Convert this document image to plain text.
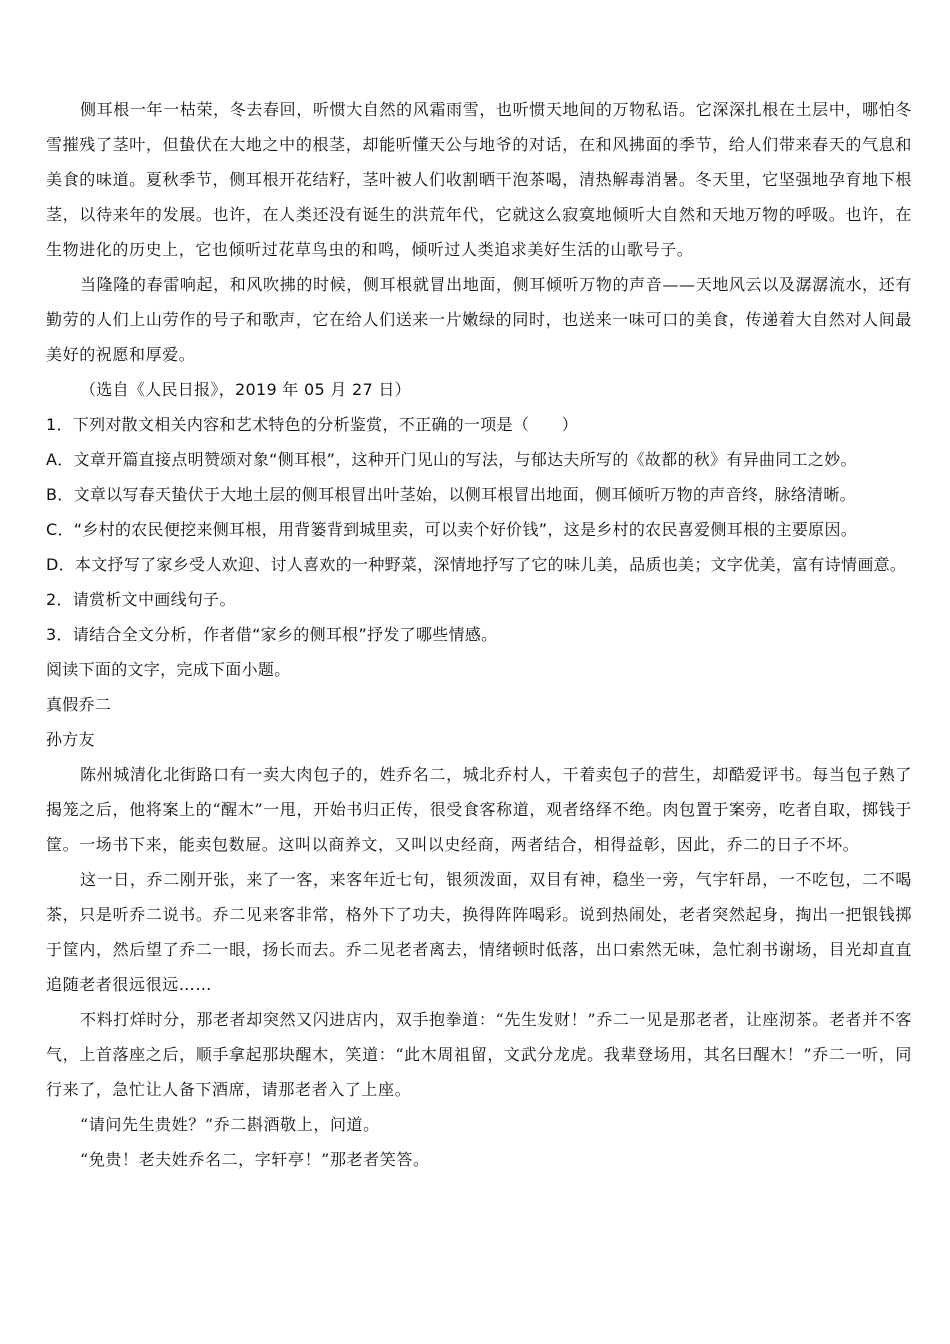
侧耳根一年一枯荣，冬去春回，听惯大自然的风霜雨雪，也听惯天地间的万物私语。它深深扎根在土层中，哪怕冬雪摧残了茎叶，但蛰伏在大地之中的根茎，却能听懂天公与地爷的对话，在和风拂面的季节，给人们带来春天的气息和美食的味道。夏秋季节，侧耳根开花结籽，茎叶被人们收割晒干泡茶喝，清热解毒消暑。冬天里，它坚强地孕育地下根茎，以待来年的发展。也许，在人类还没有诞生的洪荒年代，它就这么寂寞地倾听大自然和天地万物的呼吸。也许，在生物进化的历史上，它也倾听过花草鸟虫的和鸣，倾听过人类追求美好生活的山歌号子。

当隆隆的春雷响起，和风吹拂的时候，侧耳根就冒出地面，侧耳倾听万物的声音——天地风云以及潺潺流水，还有勤劳的人们上山劳作的号子和歌声，它在给人们送来一片嫩绿的同时，也送来一味可口的美食，传递着大自然对人间最美好的祝愿和厚爱。

（选自《人民日报》，2019 年 05 月 27 日）

1．下列对散文相关内容和艺术特色的分析鉴赏，不正确的一项是（　　）

A．文章开篇直接点明赞颂对象“侧耳根”，这种开门见山的写法，与郁达夫所写的《故都的秋》有异曲同工之妙。

B．文章以写春天蛰伏于大地土层的侧耳根冒出叶茎始，以侧耳根冒出地面，侧耳倾听万物的声音终，脉络清晰。

C．“乡村的农民便挖来侧耳根，用背篓背到城里卖，可以卖个好价钱”，这是乡村的农民喜爱侧耳根的主要原因。

D．本文抒写了家乡受人欢迎、讨人喜欢的一种野菜，深情地抒写了它的味儿美，品质也美；文字优美，富有诗情画意。

2．请赏析文中画线句子。

3．请结合全文分析，作者借“家乡的侧耳根”抒发了哪些情感。

阅读下面的文字，完成下面小题。

真假乔二

孙方友

陈州城清化北街路口有一卖大肉包子的，姓乔名二，城北乔村人，干着卖包子的营生，却酷爱评书。每当包子熟了揭笼之后，他将案上的“醒木”一甩，开始书归正传，很受食客称道，观者络绎不绝。肉包置于案旁，吃者自取，掷钱于筐。一场书下来，能卖包数屉。这叫以商养文，又叫以史经商，两者结合，相得益彰，因此，乔二的日子不坏。

这一日，乔二刚开张，来了一客，来客年近七旬，银须泼面，双目有神，稳坐一旁，气宇轩昂，一不吃包，二不喝茶，只是听乔二说书。乔二见来客非常，格外下了功夫，换得阵阵喝彩。说到热闹处，老者突然起身，掏出一把银钱掷于筐内，然后望了乔二一眼，扬长而去。乔二见老者离去，情绪顿时低落，出口索然无味，急忙刹书谢场，目光却直直追随老者很远很远……

不料打烊时分，那老者却突然又闪进店内，双手抱拳道：“先生发财！”乔二一见是那老者，让座沏茶。老者并不客气，上首落座之后，顺手拿起那块醒木，笑道：“此木周祖留，文武分龙虎。我辈登场用，其名曰醒木！”乔二一听，同行来了，急忙让人备下酒席，请那老者入了上座。

“请问先生贵姓？”乔二斟酒敬上，问道。

“免贵！老夫姓乔名二，字轩亭！”那老者笑答。
